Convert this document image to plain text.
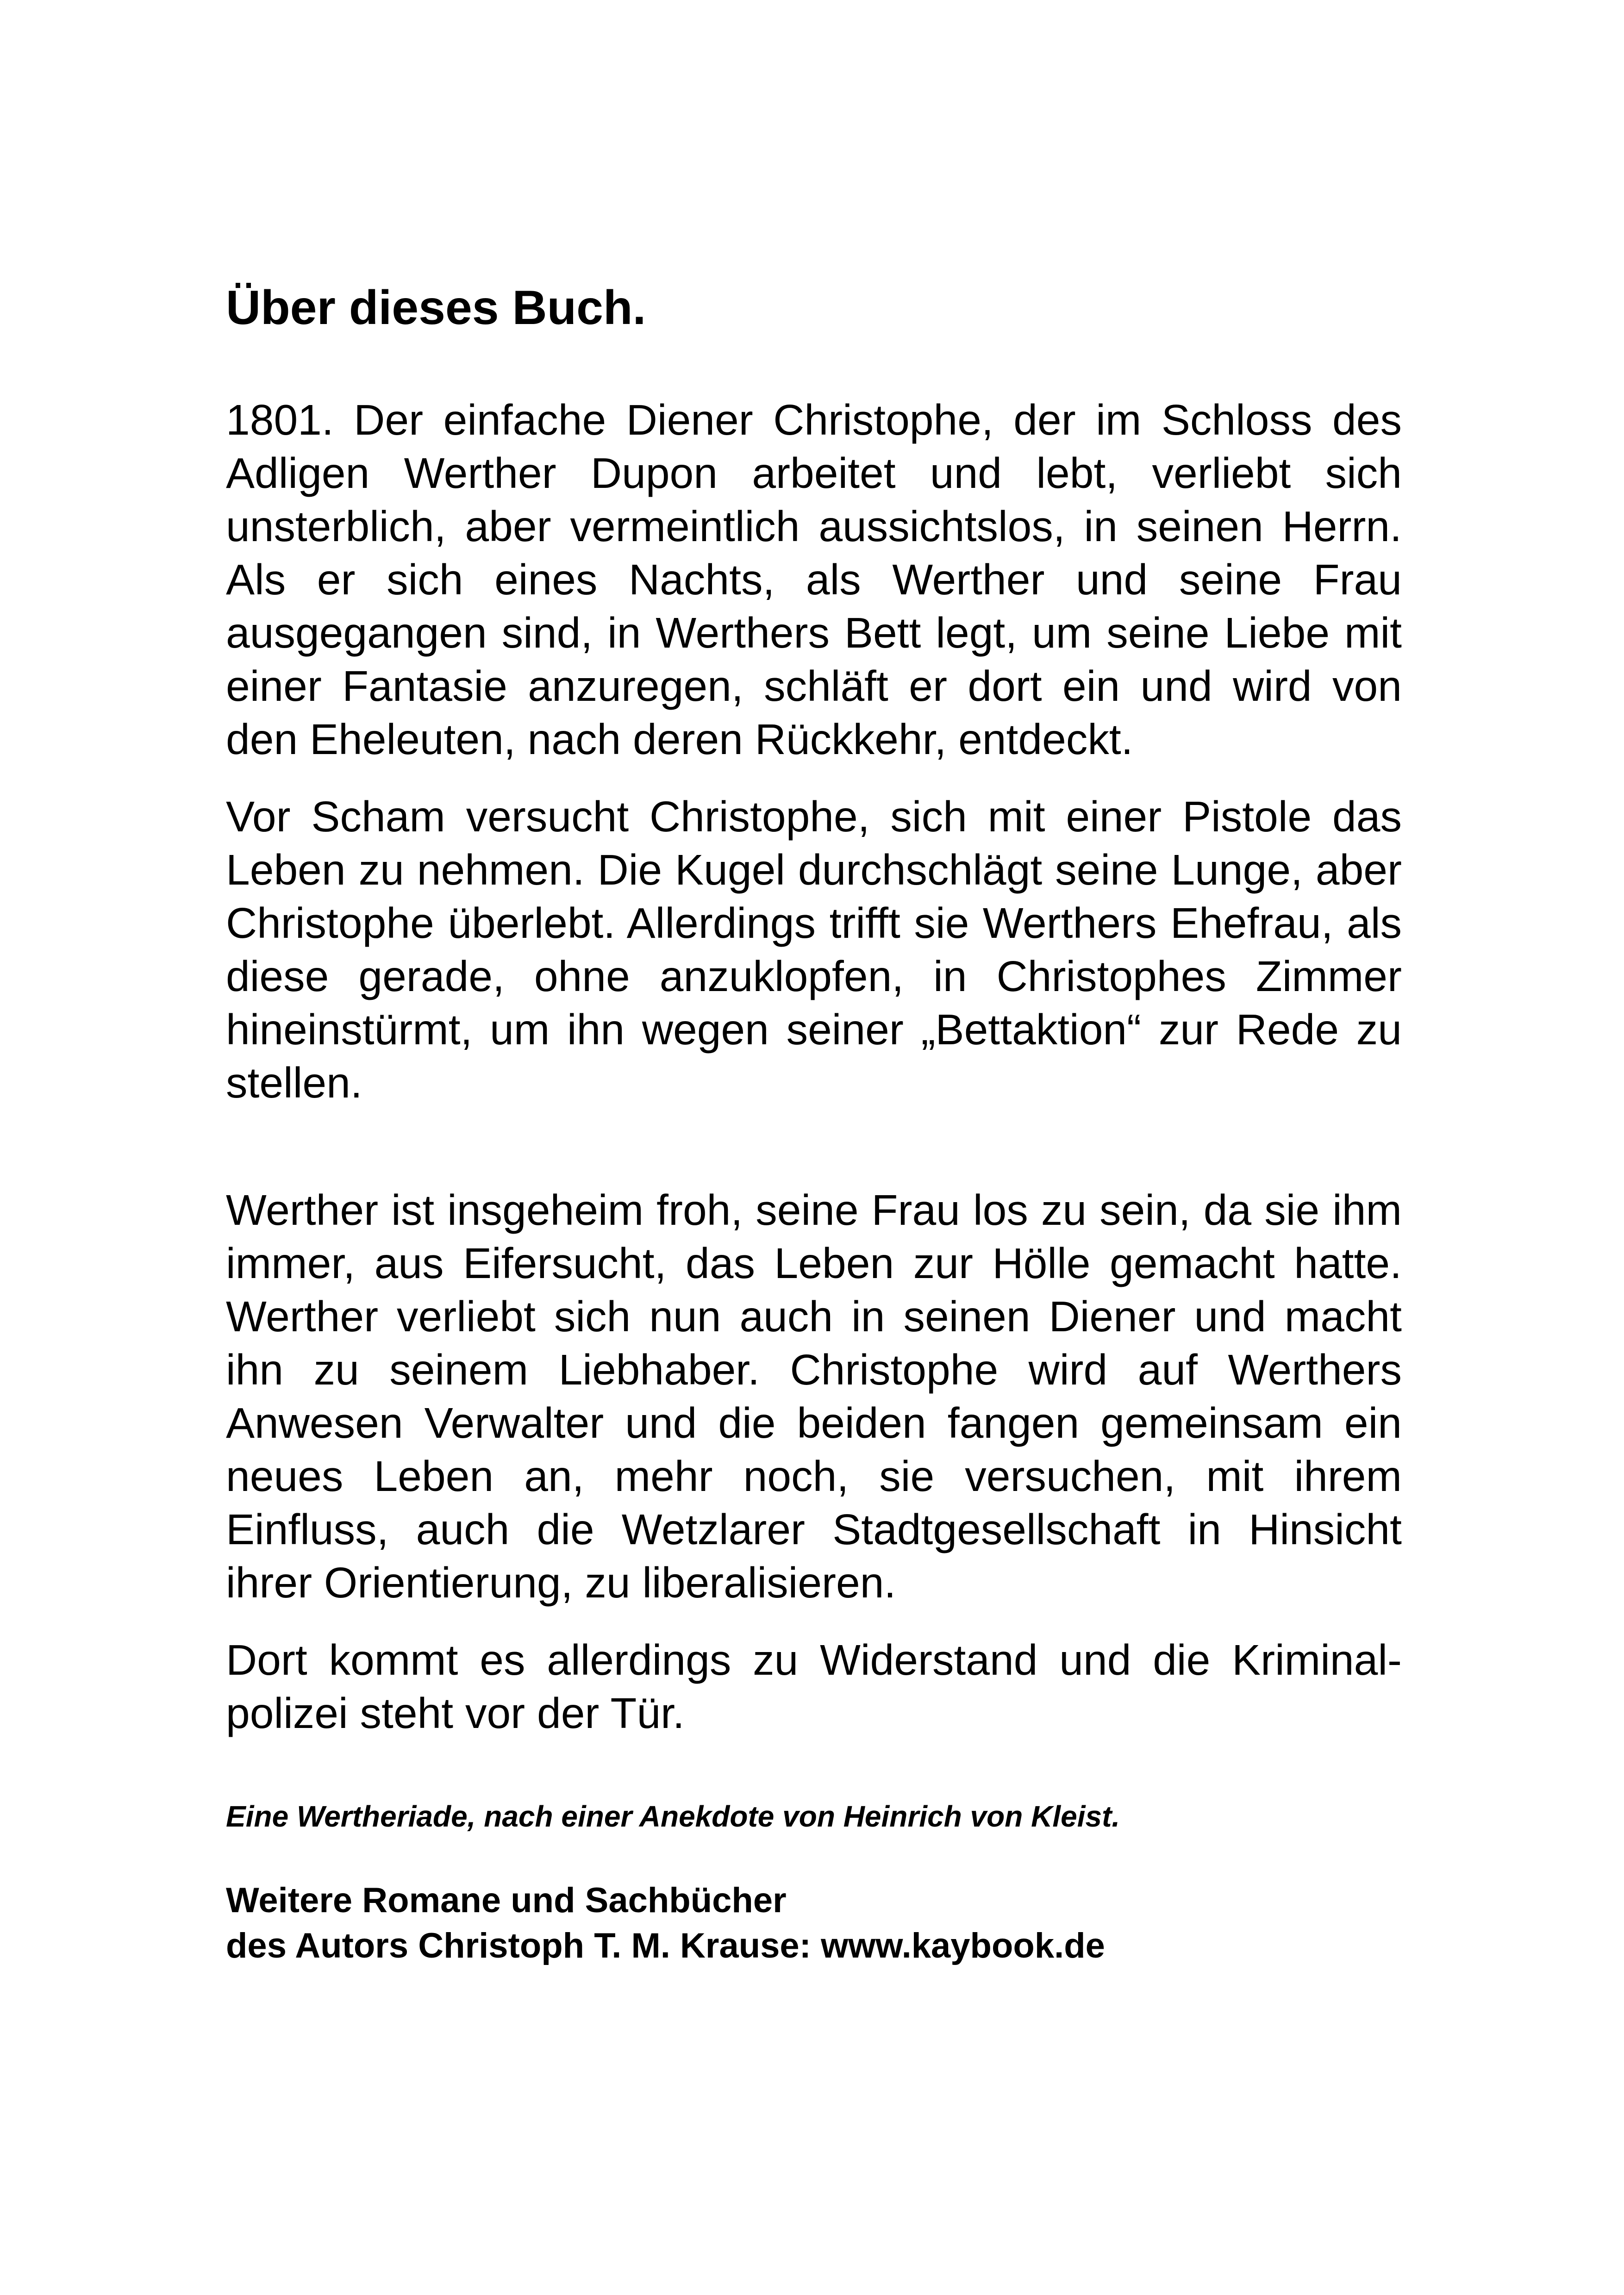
Über dieses Buch.

1801. Der einfache Diener Christophe, der im Schloss des Adligen Werther Dupon arbeitet und lebt, verliebt sich unsterblich, aber vermeintlich aussichtslos, in seinen Herrn. Als er sich eines Nachts, als Werther und seine Frau ausgegangen sind, in Werthers Bett legt, um seine Liebe mit einer Fantasie anzuregen, schläft er dort ein und wird von den Eheleuten, nach deren Rückkehr, entdeckt.

Vor Scham versucht Christophe, sich mit einer Pistole das Leben zu nehmen. Die Kugel durchschlägt seine Lunge, aber Christophe überlebt. Allerdings trifft sie Werthers Ehefrau, als diese gerade, ohne anzuklopfen, in Christophes Zimmer hineinstürmt, um ihn wegen seiner „Bettaktion“ zur Rede zu stellen.

Werther ist insgeheim froh, seine Frau los zu sein, da sie ihm immer, aus Eifersucht, das Leben zur Hölle gemacht hatte. Werther verliebt sich nun auch in seinen Diener und macht ihn zu seinem Liebhaber. Christophe wird auf Werthers Anwesen Verwalter und die beiden fangen gemeinsam ein neues Leben an, mehr noch, sie versuchen, mit ihrem Einfluss, auch die Wetzlarer Stadtgesellschaft in Hinsicht ihrer Orientierung, zu liberalisieren.

Dort kommt es allerdings zu Widerstand und die Kriminalpolizei steht vor der Tür.

Eine Wertheriade, nach einer Anekdote von Heinrich von Kleist.
Weitere Romane und Sachbücher
des Autors Christoph T. M. Krause: www.kaybook.de
